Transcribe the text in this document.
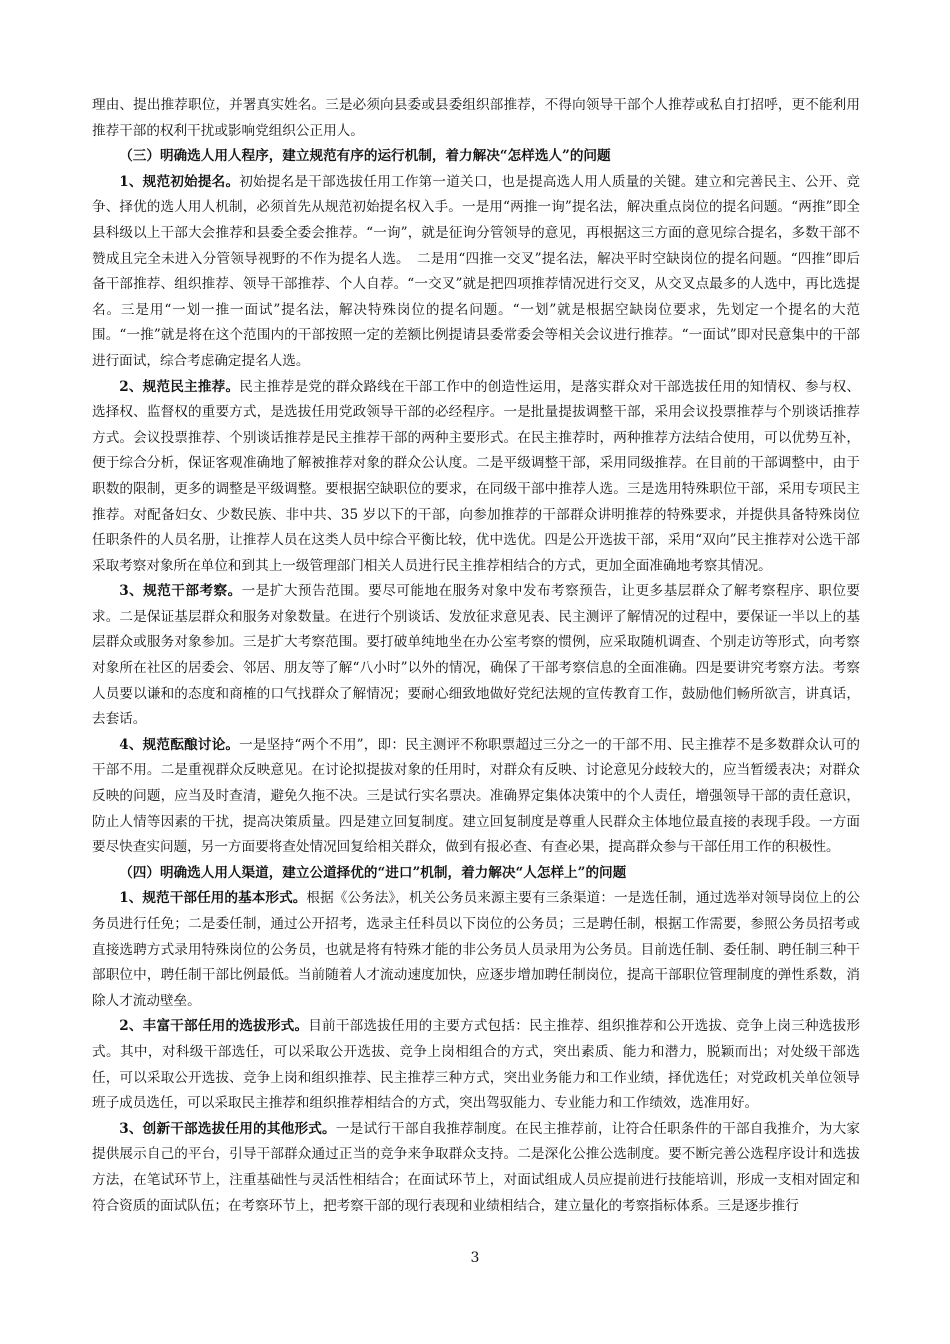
理由、提出推荐职位，并署真实姓名。三是必须向县委或县委组织部推荐，不得向领导干部个人推荐或私自打招呼，更不能利用推荐干部的权利干扰或影响党组织公正用人。

（三）明确选人用人程序，建立规范有序的运行机制，着力解决“怎样选人”的问题

1、规范初始提名。初始提名是干部选拔任用工作第一道关口，也是提高选人用人质量的关键。建立和完善民主、公开、竞争、择优的选人用人机制，必须首先从规范初始提名权入手。一是用“两推一询”提名法，解决重点岗位的提名问题。“两推”即全县科级以上干部大会推荐和县委全委会推荐。“一询”，就是征询分管领导的意见，再根据这三方面的意见综合提名，多数干部不赞成且完全未进入分管领导视野的不作为提名人选。　二是用“四推一交叉”提名法，解决平时空缺岗位的提名问题。“四推”即后备干部推荐、组织推荐、领导干部推荐、个人自荐。“一交叉”就是把四项推荐情况进行交叉，从交叉点最多的人选中，再比选提名。三是用“一划一推一面试”提名法，解决特殊岗位的提名问题。“一划”就是根据空缺岗位要求，先划定一个提名的大范围。“一推”就是将在这个范围内的干部按照一定的差额比例提请县委常委会等相关会议进行推荐。“一面试”即对民意集中的干部进行面试，综合考虑确定提名人选。

2、规范民主推荐。民主推荐是党的群众路线在干部工作中的创造性运用，是落实群众对干部选拔任用的知情权、参与权、选择权、监督权的重要方式，是选拔任用党政领导干部的必经程序。一是批量提拔调整干部，采用会议投票推荐与个别谈话推荐方式。会议投票推荐、个别谈话推荐是民主推荐干部的两种主要形式。在民主推荐时，两种推荐方法结合使用，可以优势互补，便于综合分析，保证客观准确地了解被推荐对象的群众公认度。二是平级调整干部，采用同级推荐。在目前的干部调整中，由于职数的限制，更多的调整是平级调整。要根据空缺职位的要求，在同级干部中推荐人选。三是选用特殊职位干部，采用专项民主推荐。对配备妇女、少数民族、非中共、35 岁以下的干部，向参加推荐的干部群众讲明推荐的特殊要求，并提供具备特殊岗位任职条件的人员名册，让推荐人员在这类人员中综合平衡比较，优中选优。四是公开选拔干部，采用“双向”民主推荐对公选干部采取考察对象所在单位和到其上一级管理部门相关人员进行民主推荐相结合的方式，更加全面准确地考察其情况。

3、规范干部考察。一是扩大预告范围。要尽可能地在服务对象中发布考察预告，让更多基层群众了解考察程序、职位要求。二是保证基层群众和服务对象数量。在进行个别谈话、发放征求意见表、民主测评了解情况的过程中，要保证一半以上的基层群众或服务对象参加。三是扩大考察范围。要打破单纯地坐在办公室考察的惯例，应采取随机调查、个别走访等形式，向考察对象所在社区的居委会、邻居、朋友等了解“八小时”以外的情况，确保了干部考察信息的全面准确。四是要讲究考察方法。考察人员要以谦和的态度和商榷的口气找群众了解情况；要耐心细致地做好党纪法规的宣传教育工作，鼓励他们畅所欲言，讲真话，去套话。

4、规范酝酿讨论。一是坚持“两个不用”，即：民主测评不称职票超过三分之一的干部不用、民主推荐不是多数群众认可的干部不用。二是重视群众反映意见。在讨论拟提拔对象的任用时，对群众有反映、讨论意见分歧较大的，应当暂缓表决；对群众反映的问题，应当及时查清，避免久拖不决。三是试行实名票决。准确界定集体决策中的个人责任，增强领导干部的责任意识，防止人情等因素的干扰，提高决策质量。四是建立回复制度。建立回复制度是尊重人民群众主体地位最直接的表现手段。一方面要尽快查实问题，另一方面要将查处情况回复给相关群众，做到有报必查、有查必果，提高群众参与干部任用工作的积极性。

（四）明确选人用人渠道，建立公道择优的“进口”机制，着力解决“人怎样上”的问题

1、规范干部任用的基本形式。根据《公务法》，机关公务员来源主要有三条渠道：一是选任制，通过选举对领导岗位上的公务员进行任免；二是委任制，通过公开招考，选录主任科员以下岗位的公务员；三是聘任制，根据工作需要，参照公务员招考或直接选聘方式录用特殊岗位的公务员，也就是将有特殊才能的非公务员人员录用为公务员。目前选任制、委任制、聘任制三种干部职位中，聘任制干部比例最低。当前随着人才流动速度加快，应逐步增加聘任制岗位，提高干部职位管理制度的弹性系数，消除人才流动壁垒。

2、丰富干部任用的选拔形式。目前干部选拔任用的主要方式包括：民主推荐、组织推荐和公开选拔、竞争上岗三种选拔形式。其中，对科级干部选任，可以采取公开选拔、竞争上岗相组合的方式，突出素质、能力和潜力，脱颖而出；对处级干部选任，可以采取公开选拔、竞争上岗和组织推荐、民主推荐三种方式，突出业务能力和工作业绩，择优选任；对党政机关单位领导班子成员选任，可以采取民主推荐和组织推荐相结合的方式，突出驾驭能力、专业能力和工作绩效，选准用好。

3、创新干部选拔任用的其他形式。一是试行干部自我推荐制度。在民主推荐前，让符合任职条件的干部自我推介，为大家提供展示自己的平台，引导干部群众通过正当的竞争来争取群众支持。二是深化公推公选制度。要不断完善公选程序设计和选拔方法，在笔试环节上，注重基础性与灵活性相结合；在面试环节上，对面试组成人员应提前进行技能培训，形成一支相对固定和符合资质的面试队伍；在考察环节上，把考察干部的现行表现和业绩相结合，建立量化的考察指标体系。三是逐步推行

3
